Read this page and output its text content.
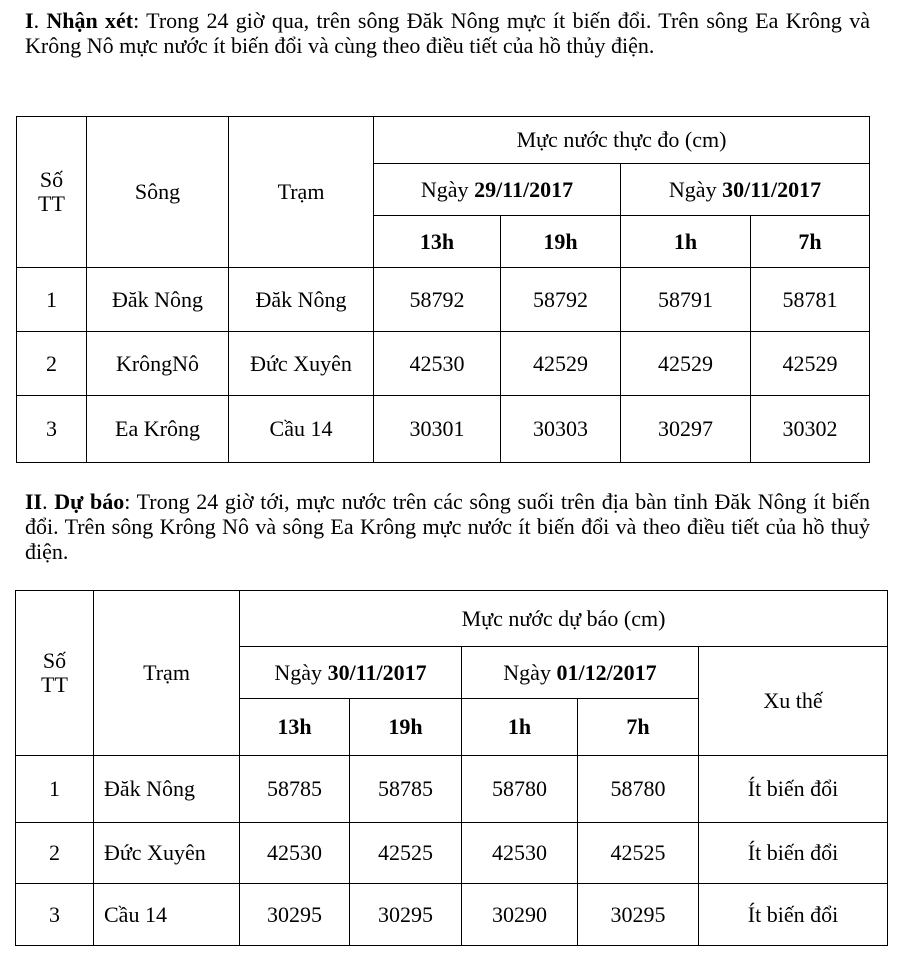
I. Nhận xét: Trong 24 giờ qua, trên sông Đăk Nông mực ít biến đổi. Trên sông Ea Krông và Krông Nô mực nước ít biến đổi và cùng theo điều tiết của hồ thủy điện.

Số TT	Sông	Trạm	Mực nước thực đo (cm)			
			Ngày 29/11/2017		Ngày 30/11/2017	
			13h	19h	1h	7h
1	Đăk Nông	Đăk Nông	58792	58792	58791	58781
2	KrôngNô	Đức Xuyên	42530	42529	42529	42529
3	Ea Krông	Cầu 14	30301	30303	30297	30302

II. Dự báo: Trong 24 giờ tới, mực nước trên các sông suối trên địa bàn tỉnh Đăk Nông ít biến đổi. Trên sông Krông Nô và sông Ea Krông mực nước ít biến đổi và theo điều tiết của hồ thuỷ điện.

Số TT	Trạm	Mực nước dự báo (cm)				
		Ngày 30/11/2017		Ngày 01/12/2017		Xu thế
		13h	19h	1h	7h	
1	Đăk Nông	58785	58785	58780	58780	Ít biến đổi
2	Đức Xuyên	42530	42525	42530	42525	Ít biến đổi
3	Cầu 14	30295	30295	30290	30295	Ít biến đổi
